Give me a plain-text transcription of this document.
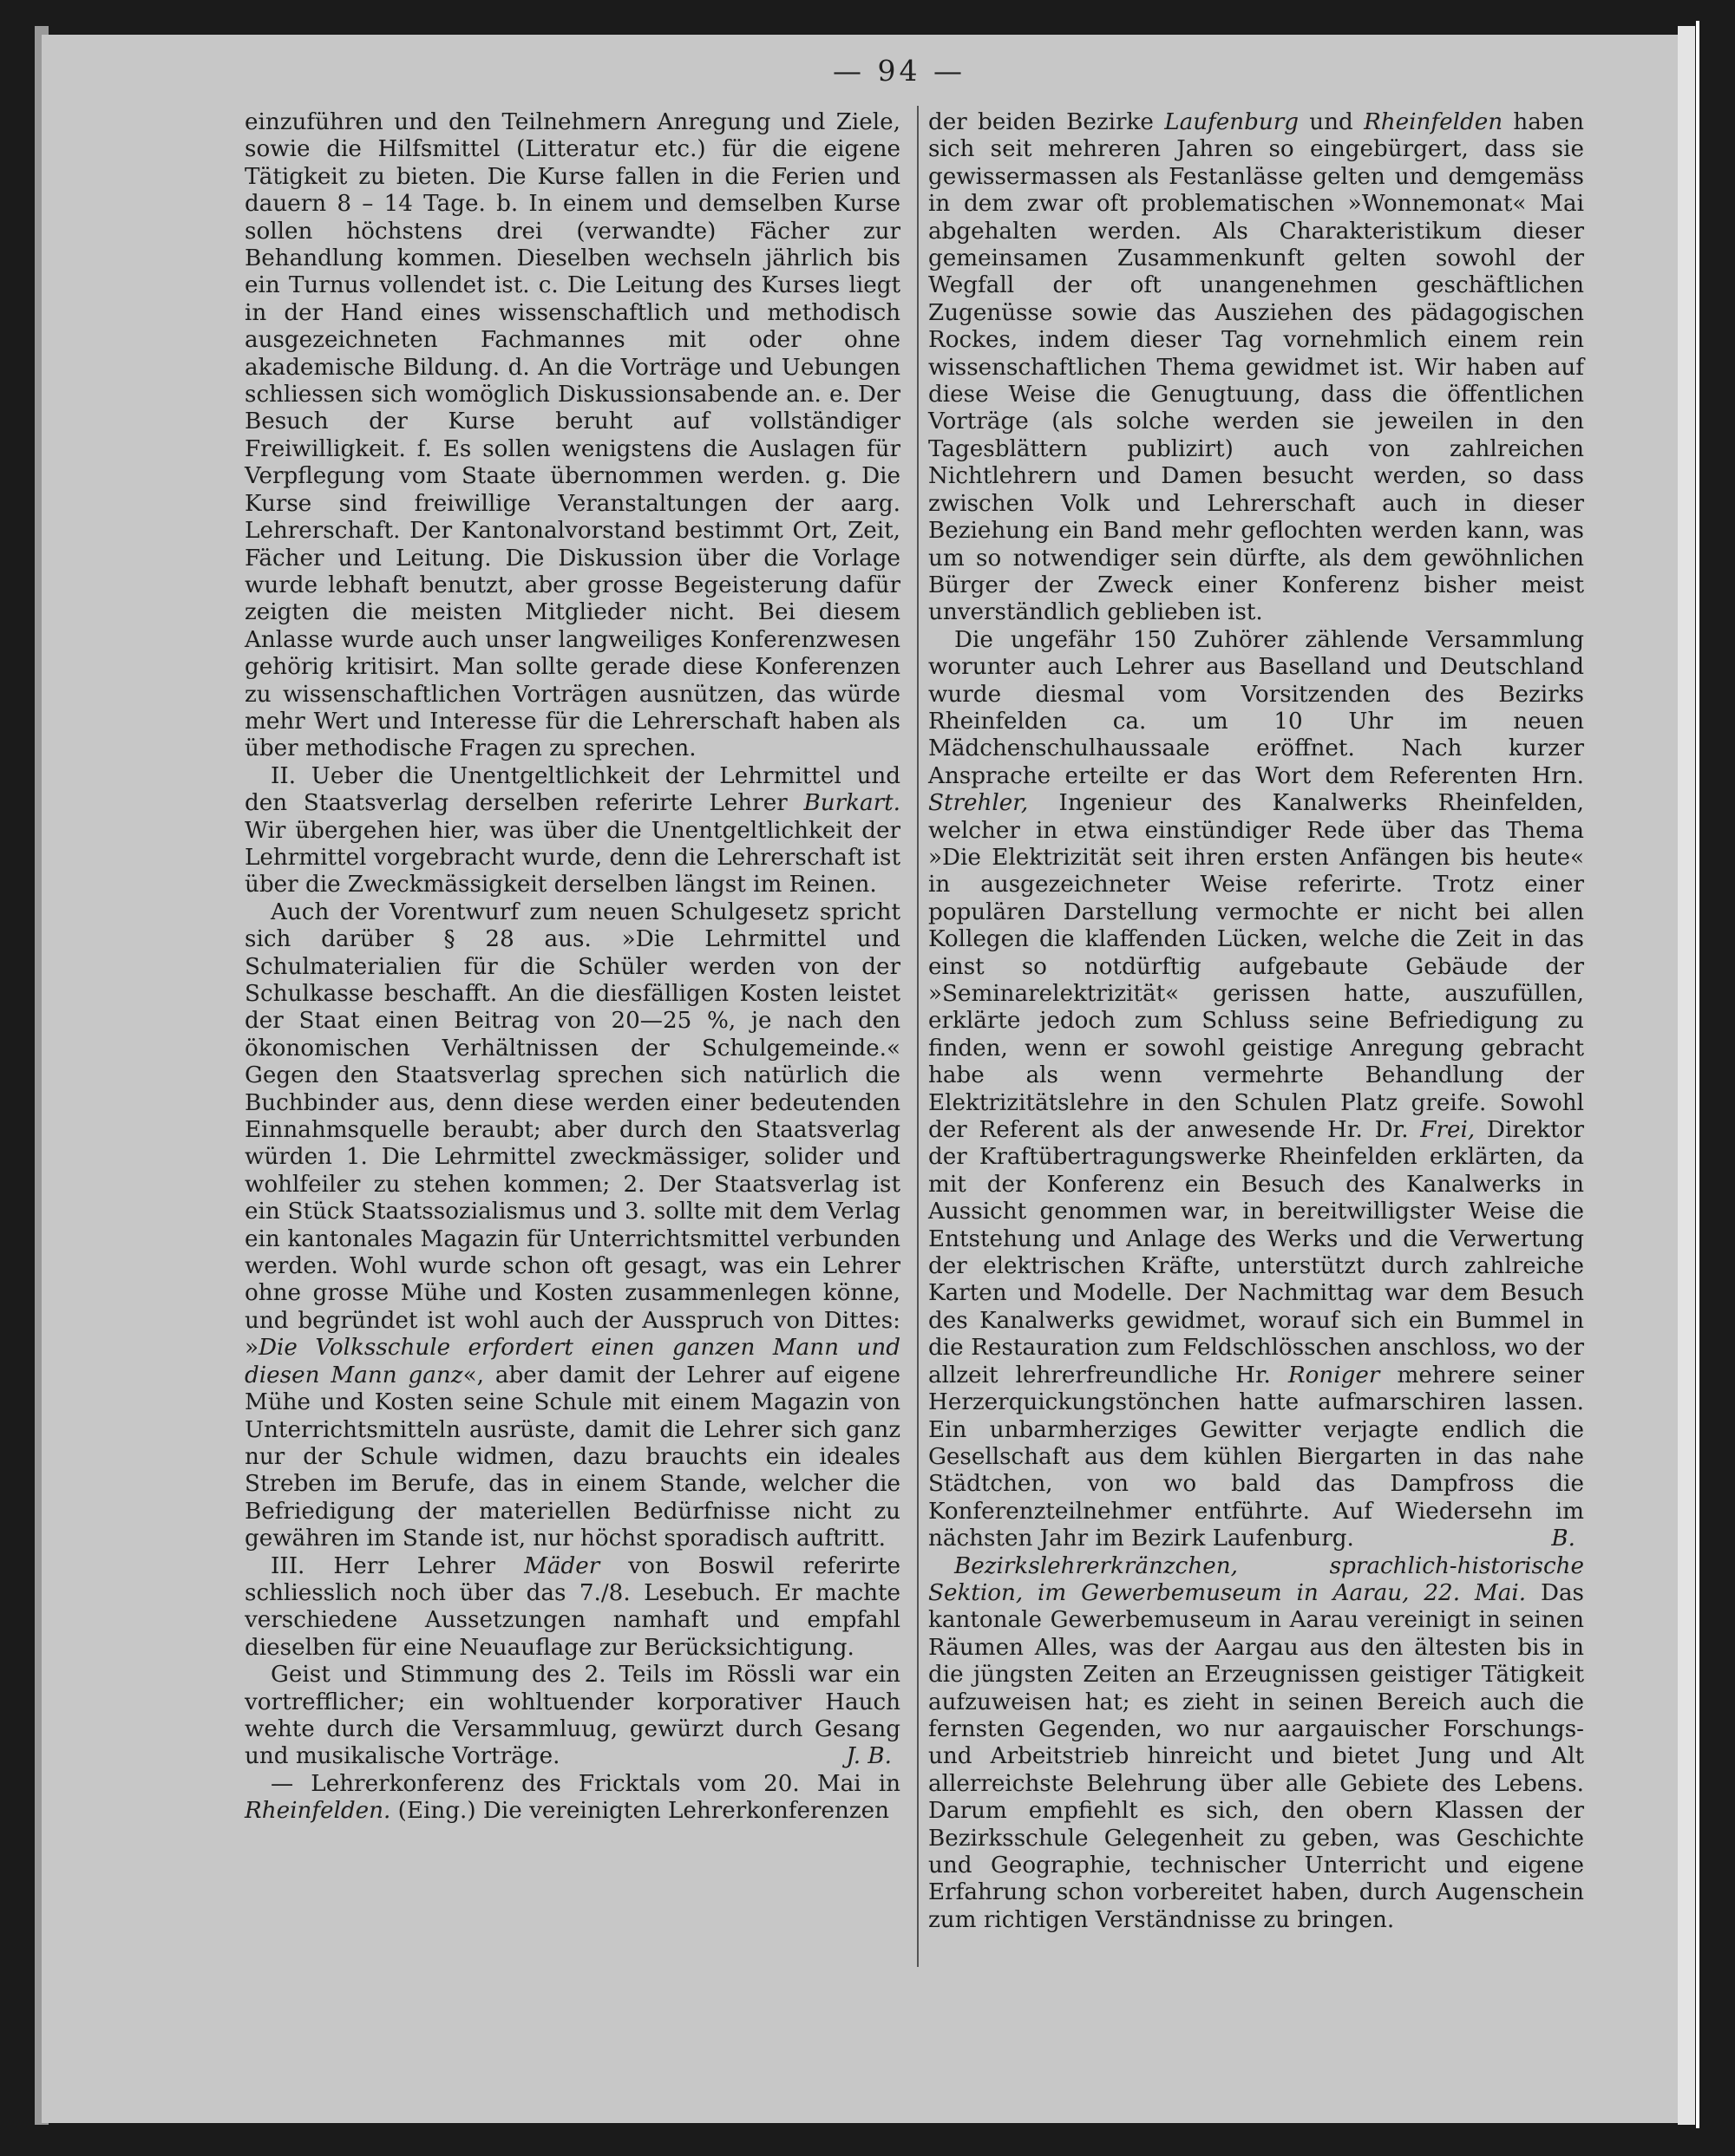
— 94 —

einzuführen und den Teilnehmern Anregung und Ziele, sowie die Hilfsmittel (Litteratur etc.) für die eigene Tätigkeit zu bieten. Die Kurse fallen in die Ferien und dauern 8 – 14 Tage. b. In einem und demselben Kurse sollen höchstens drei (verwandte) Fächer zur Behandlung kommen. Dieselben wechseln jährlich bis ein Turnus vollendet ist. c. Die Leitung des Kurses liegt in der Hand eines wissenschaftlich und methodisch ausgezeichneten Fachmannes mit oder ohne akademische Bildung. d. An die Vorträge und Uebungen schliessen sich womöglich Diskussionsabende an. e. Der Besuch der Kurse beruht auf vollständiger Freiwilligkeit. f. Es sollen wenigstens die Auslagen für Verpflegung vom Staate übernommen werden. g. Die Kurse sind freiwillige Veranstaltungen der aarg. Lehrerschaft. Der Kantonalvorstand bestimmt Ort, Zeit, Fächer und Leitung. Die Diskussion über die Vorlage wurde lebhaft benutzt, aber grosse Begeisterung dafür zeigten die meisten Mitglieder nicht. Bei diesem Anlasse wurde auch unser langweiliges Konferenzwesen gehörig kritisirt. Man sollte gerade diese Konferenzen zu wissenschaftlichen Vorträgen ausnützen, das würde mehr Wert und Interesse für die Lehrerschaft haben als über methodische Fragen zu sprechen.

II. Ueber die Unentgeltlichkeit der Lehrmittel und den Staatsverlag derselben referirte Lehrer Burkart. Wir übergehen hier, was über die Unentgeltlichkeit der Lehrmittel vorgebracht wurde, denn die Lehrerschaft ist über die Zweckmässigkeit derselben längst im Reinen.

Auch der Vorentwurf zum neuen Schulgesetz spricht sich darüber § 28 aus. »Die Lehrmittel und Schulmaterialien für die Schüler werden von der Schulkasse beschafft. An die diesfälligen Kosten leistet der Staat einen Beitrag von 20—25 %, je nach den ökonomischen Verhältnissen der Schulgemeinde.« Gegen den Staatsverlag sprechen sich natürlich die Buchbinder aus, denn diese werden einer bedeutenden Einnahmsquelle beraubt; aber durch den Staatsverlag würden 1. Die Lehrmittel zweckmässiger, solider und wohlfeiler zu stehen kommen; 2. Der Staatsverlag ist ein Stück Staatssozialismus und 3. sollte mit dem Verlag ein kantonales Magazin für Unterrichtsmittel verbunden werden. Wohl wurde schon oft gesagt, was ein Lehrer ohne grosse Mühe und Kosten zusammenlegen könne, und begründet ist wohl auch der Ausspruch von Dittes: »Die Volksschule erfordert einen ganzen Mann und diesen Mann ganz«, aber damit der Lehrer auf eigene Mühe und Kosten seine Schule mit einem Magazin von Unterrichtsmitteln ausrüste, damit die Lehrer sich ganz nur der Schule widmen, dazu brauchts ein ideales Streben im Berufe, das in einem Stande, welcher die Befriedigung der materiellen Bedürfnisse nicht zu gewähren im Stande ist, nur höchst sporadisch auftritt.

III. Herr Lehrer Mäder von Boswil referirte schliesslich noch über das 7./8. Lesebuch. Er machte verschiedene Aussetzungen namhaft und empfahl dieselben für eine Neuauflage zur Berücksichtigung.

Geist und Stimmung des 2. Teils im Rössli war ein vortrefflicher; ein wohltuender korporativer Hauch wehte durch die Versammluug, gewürzt durch Gesang und musikalische Vorträge.	J. B.

— Lehrerkonferenz des Fricktals vom 20. Mai in Rheinfelden. (Eing.) Die vereinigten Lehrerkonferenzen

der beiden Bezirke Laufenburg und Rheinfelden haben sich seit mehreren Jahren so eingebürgert, dass sie gewissermassen als Festanlässe gelten und demgemäss in dem zwar oft problematischen »Wonnemonat« Mai abgehalten werden. Als Charakteristikum dieser gemeinsamen Zusammenkunft gelten sowohl der Wegfall der oft unangenehmen geschäftlichen Zugenüsse sowie das Ausziehen des pädagogischen Rockes, indem dieser Tag vornehmlich einem rein wissenschaftlichen Thema gewidmet ist. Wir haben auf diese Weise die Genugtuung, dass die öffentlichen Vorträge (als solche werden sie jeweilen in den Tagesblättern publizirt) auch von zahlreichen Nichtlehrern und Damen besucht werden, so dass zwischen Volk und Lehrerschaft auch in dieser Beziehung ein Band mehr geflochten werden kann, was um so notwendiger sein dürfte, als dem gewöhnlichen Bürger der Zweck einer Konferenz bisher meist unverständlich geblieben ist.

Die ungefähr 150 Zuhörer zählende Versammlung worunter auch Lehrer aus Baselland und Deutschland wurde diesmal vom Vorsitzenden des Bezirks Rheinfelden ca. um 10 Uhr im neuen Mädchenschulhaussaale eröffnet. Nach kurzer Ansprache erteilte er das Wort dem Referenten Hrn. Strehler, Ingenieur des Kanalwerks Rheinfelden, welcher in etwa einstündiger Rede über das Thema »Die Elektrizität seit ihren ersten Anfängen bis heute« in ausgezeichneter Weise referirte. Trotz einer populären Darstellung vermochte er nicht bei allen Kollegen die klaffenden Lücken, welche die Zeit in das einst so notdürftig aufgebaute Gebäude der »Seminarelektrizität« gerissen hatte, auszufüllen, erklärte jedoch zum Schluss seine Befriedigung zu finden, wenn er sowohl geistige Anregung gebracht habe als wenn vermehrte Behandlung der Elektrizitätslehre in den Schulen Platz greife. Sowohl der Referent als der anwesende Hr. Dr. Frei, Direktor der Kraftübertragungswerke Rheinfelden erklärten, da mit der Konferenz ein Besuch des Kanalwerks in Aussicht genommen war, in bereitwilligster Weise die Entstehung und Anlage des Werks und die Verwertung der elektrischen Kräfte, unterstützt durch zahlreiche Karten und Modelle. Der Nachmittag war dem Besuch des Kanalwerks gewidmet, worauf sich ein Bummel in die Restauration zum Feldschlösschen anschloss, wo der allzeit lehrerfreundliche Hr. Roniger mehrere seiner Herzerquickungstönchen hatte aufmarschiren lassen. Ein unbarmherziges Gewitter verjagte endlich die Gesellschaft aus dem kühlen Biergarten in das nahe Städtchen, von wo bald das Dampfross die Konferenzteilnehmer entführte. Auf Wiedersehn im nächsten Jahr im Bezirk Laufenburg.	B.

Bezirkslehrerkränzchen, sprachlich-historische Sektion, im Gewerbemuseum in Aarau, 22. Mai. Das kantonale Gewerbemuseum in Aarau vereinigt in seinen Räumen Alles, was der Aargau aus den ältesten bis in die jüngsten Zeiten an Erzeugnissen geistiger Tätigkeit aufzuweisen hat; es zieht in seinen Bereich auch die fernsten Gegenden, wo nur aargauischer Forschungs- und Arbeitstrieb hinreicht und bietet Jung und Alt allerreichste Belehrung über alle Gebiete des Lebens. Darum empfiehlt es sich, den obern Klassen der Bezirksschule Gelegenheit zu geben, was Geschichte und Geographie, technischer Unterricht und eigene Erfahrung schon vorbereitet haben, durch Augenschein zum richtigen Verständnisse zu bringen.
